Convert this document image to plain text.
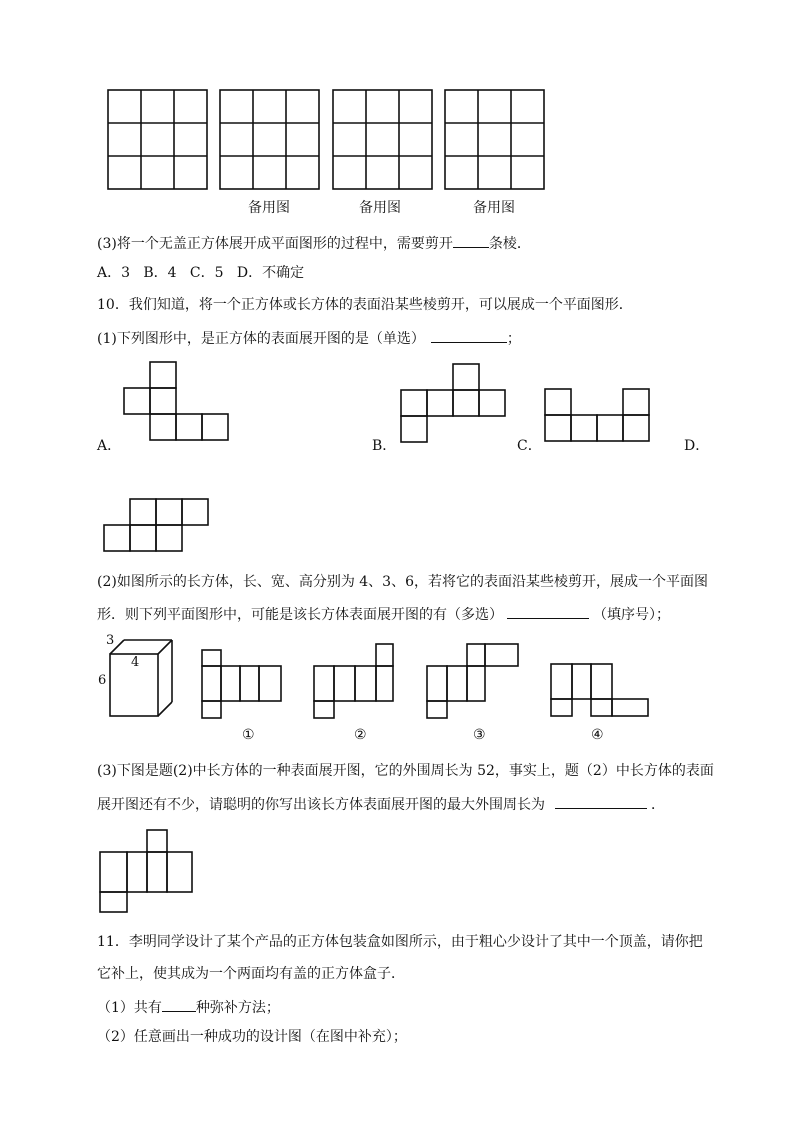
备用图	备用图	备用图
(3)将一个无盖正方体展开成平面图形的过程中，需要剪开	条棱．
A．3   B．4   C．5   D．不确定
10．我们知道，将一个正方体或长方体的表面沿某些棱剪开，可以展成一个平面图形．
(1)下列图形中，是正方体的表面展开图的是（单选）	；
A．	B．	C．	D．
(2)如图所示的长方体，长、宽、高分别为 4、3、6，若将它的表面沿某些棱剪开，展成一个平面图
形．则下列平面图形中，可能是该长方体表面展开图的有（多选）	（填序号）；
3
6
4
①	②	③	④
(3)下图是题(2)中长方体的一种表面展开图，它的外围周长为 52，事实上，题（2）中长方体的表面
展开图还有不少，请聪明的你写出该长方体表面展开图的最大外围周长为	．
11．李明同学设计了某个产品的正方体包装盒如图所示，由于粗心少设计了其中一个顶盖，请你把
它补上，使其成为一个两面均有盖的正方体盒子．
（1）共有 种弥补方法；
（2）任意画出一种成功的设计图（在图中补充）；
